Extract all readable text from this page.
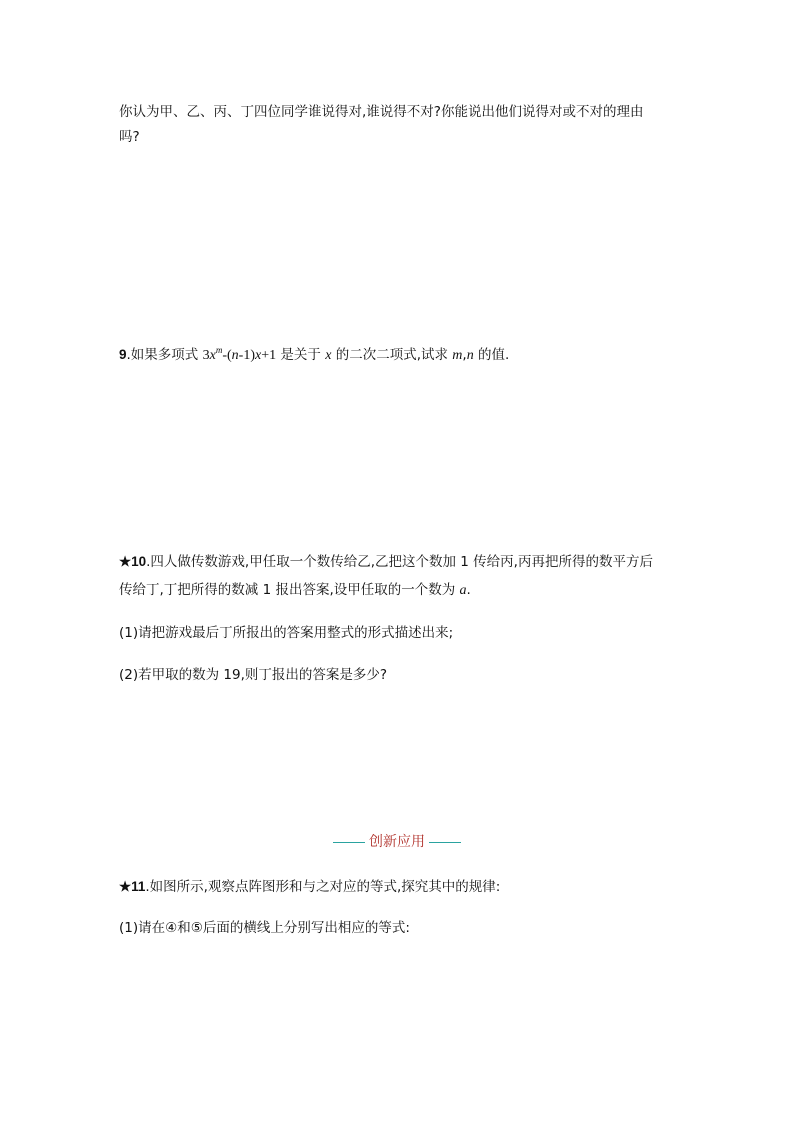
你认为甲、乙、丙、丁四位同学谁说得对,谁说得不对?你能说出他们说得对或不对的理由
吗?
9.如果多项式 $3x^m-(n-1)x+1$ 是关于 x 的二次二项式,试求 m,n 的值.
★10.四人做传数游戏,甲任取一个数传给乙,乙把这个数加 1 传给丙,丙再把所得的数平方后
传给丁,丁把所得的数减 1 报出答案,设甲任取的一个数为 a.
(1)请把游戏最后丁所报出的答案用整式的形式描述出来;
(2)若甲取的数为 19,则丁报出的答案是多少?
创新应用
★11.如图所示,观察点阵图形和与之对应的等式,探究其中的规律:
(1)请在④和⑤后面的横线上分别写出相应的等式:
